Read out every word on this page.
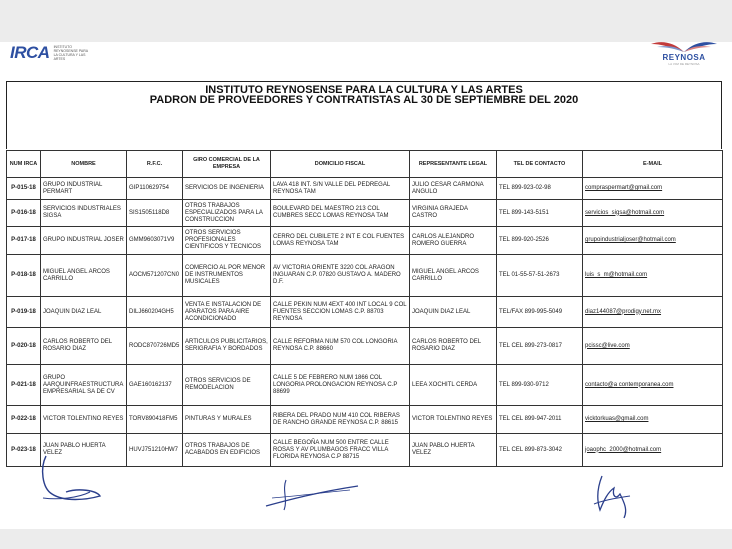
IRCA INSTITUTO REYNOSENSE PARA LA CULTURA Y LAS ARTES	REYNOSA
LA VOZ DE REYNOSA
INSTITUTO REYNOSENSE PARA LA CULTURA Y LAS ARTES
PADRON DE PROVEEDORES Y CONTRATISTAS AL 30 DE SEPTIEMBRE DEL 2020
NUM IRCA	NOMBRE	R.F.C.	GIRO COMERCIAL DE LA EMPRESA	DOMICILIO FISCAL	REPRESENTANTE LEGAL	TEL DE CONTACTO	E-MAIL
P-015-18	GRUPO INDUSTRIAL PERMART	GIP110629754	SERVICIOS DE INGENIERIA	LAVA 418 INT. S/N VALLE DEL PEDREGAL REYNOSA TAM	JULIO CESAR CARMONA ANGULO	TEL 899-923-02-98	compraspermart@gmail.com
P-016-18	SERVICIOS INDUSTRIALES SIGSA	SIS1505118D8	OTROS TRABAJOS ESPECIALIZADOS PARA LA CONSTRUCCION	BOULEVARD DEL MAESTRO 213 COL CUMBRES SECC LOMAS REYNOSA TAM	VIRGINIA GRAJEDA CASTRO	TEL 899-143-5151	servicios_sigsa@hotmail.com
P-017-18	GRUPO INDUSTRIAL JOSER	GMM9603071V9	OTROS SERVICIOS PROFESIONALES CIENTIFICOS Y TECNICOS	CERRO DEL CUBILETE 2 INT E COL FUENTES LOMAS REYNOSA TAM	CARLOS ALEJANDRO ROMERO GUERRA	TEL 899-920-2526	grupoindustrialjoser@hotmail.com
P-018-18	MIGUEL ANGEL ARCOS CARRILLO	AOCM571207CN0	COMERCIO AL POR MENOR DE INSTRUMENTOS MUSICALES	AV VICTORIA ORIENTE 3220 COL ARAGON INGUARAN C.P. 07820 GUSTAVO A. MADERO D.F.	MIGUEL ANGEL ARCOS CARRILLO	TEL 01-55-57-51-2673	luis_s_m@hotmail.com
P-019-18	JOAQUIN DIAZ LEAL	DILJ660204GH5	VENTA E INSTALACION DE APARATOS PARA AIRE ACONDICIONADO	CALLE PEKIN NUM 4EXT 400 INT LOCAL 9 COL FUENTES SECCION LOMAS C.P. 88703 REYNOSA	JOAQUIN DIAZ LEAL	TEL/FAX 899-995-5049	diaz144087@prodigy.net.mx
P-020-18	CARLOS ROBERTO DEL ROSARIO DIAZ	RODC870726MD5	ARTICULOS PUBLICITARIOS, SERIGRAFIA Y BORDADOS	CALLE REFORMA NUM 570 COL LONGORIA REYNOSA C.P. 88660	CARLOS ROBERTO DEL ROSARIO DIAZ	TEL CEL 899-273-0817	pcissc@live.com
P-021-18	GRUPO AARQUINFRAESTRUCTURA EMPRESARIAL SA DE CV	GAE160162137	OTROS SERVICIOS DE REMODELACION	CALLE 5 DE FEBRERO NUM 1866 COL LONGORIA PROLONGACION REYNOSA C.P 88699	LEEA XOCHITL CERDA	TEL 899-930-9712	contacto@a contemporanea.com
P-022-18	VICTOR TOLENTINO REYES	TORV890418FM5	PINTURAS Y MURALES	RIBERA DEL PRADO NUM 410 COL RIBERAS DE RANCHO GRANDE REYNOSA C.P. 88615	VICTOR TOLENTINO REYES	TEL CEL 899-947-2011	vicktorkuas@gmail.com
P-023-18	JUAN PABLO HUERTA VELEZ	HUVJ751210HW7	OTROS TRABAJOS DE ACABADOS EN EDIFICIOS	CALLE BEGOÑA NUM 500 ENTRE CALLE ROSAS Y AV PLUMBAGOS FRACC VILLA FLORIDA REYNOSA C.P 88715	JUAN PABLO HUERTA VELEZ	TEL CEL 899-873-3042	joaophc_2000@hotmail.com
